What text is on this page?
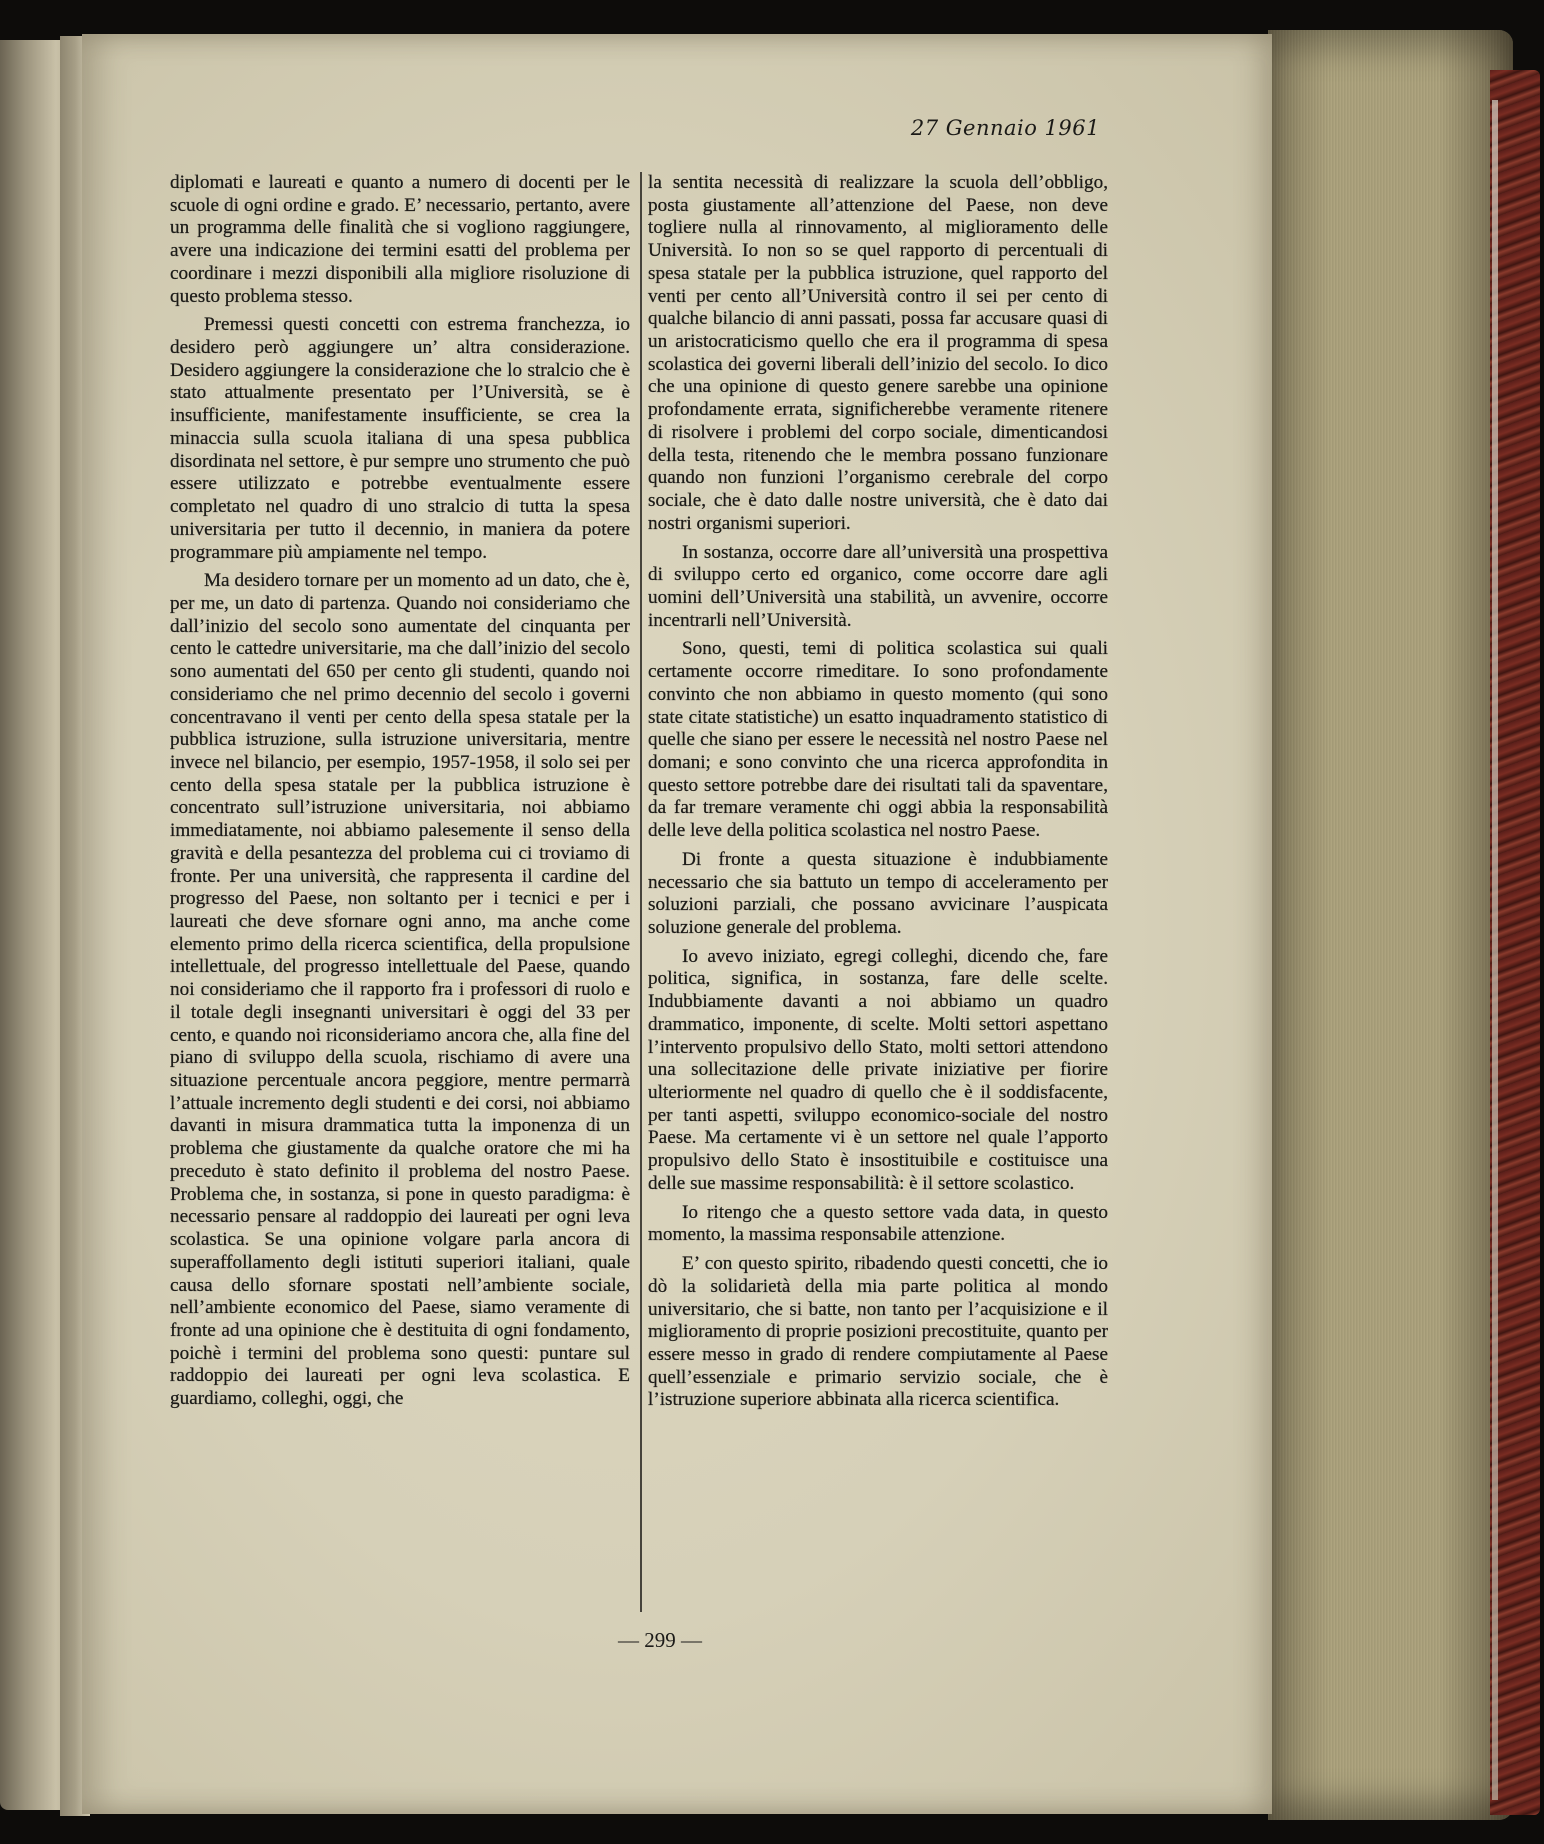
27 Gennaio 1961

diplomati e laureati e quanto a numero di docenti per le scuole di ogni ordine e grado. E’ necessario, pertanto, avere un programma delle finalità che si vogliono raggiungere, avere una indicazione dei termini esatti del problema per coordinare i mezzi disponibili alla migliore risoluzione di questo problema stesso.

Premessi questi concetti con estrema franchezza, io desidero però aggiungere un’ altra considerazione. Desidero aggiungere la considerazione che lo stralcio che è stato attualmente presentato per l’Università, se è insufficiente, manifestamente insufficiente, se crea la minaccia sulla scuola italiana di una spesa pubblica disordinata nel settore, è pur sempre uno strumento che può essere utilizzato e potrebbe eventualmente essere completato nel quadro di uno stralcio di tutta la spesa universitaria per tutto il decennio, in maniera da potere programmare più ampiamente nel tempo.

Ma desidero tornare per un momento ad un dato, che è, per me, un dato di partenza. Quando noi consideriamo che dall’inizio del secolo sono aumentate del cinquanta per cento le cattedre universitarie, ma che dall’inizio del secolo sono aumentati del 650 per cento gli studenti, quando noi consideriamo che nel primo decennio del secolo i governi concentravano il venti per cento della spesa statale per la pubblica istruzione, sulla istruzione universitaria, mentre invece nel bilancio, per esempio, 1957-1958, il solo sei per cento della spesa statale per la pubblica istruzione è concentrato sull’istruzione universitaria, noi abbiamo immediatamente, noi abbiamo palesemente il senso della gravità e della pesantezza del problema cui ci troviamo di fronte. Per una università, che rappresenta il cardine del progresso del Paese, non soltanto per i tecnici e per i laureati che deve sfornare ogni anno, ma anche come elemento primo della ricerca scientifica, della propulsione intellettuale, del progresso intellettuale del Paese, quando noi consideriamo che il rapporto fra i professori di ruolo e il totale degli insegnanti universitari è oggi del 33 per cento, e quando noi riconsideriamo ancora che, alla fine del piano di sviluppo della scuola, rischiamo di avere una situazione percentuale ancora peggiore, mentre permarrà l’attuale incremento degli studenti e dei corsi, noi abbiamo davanti in misura drammatica tutta la imponenza di un problema che giustamente da qualche oratore che mi ha preceduto è stato definito il problema del nostro Paese. Problema che, in sostanza, si pone in questo paradigma: è necessario pensare al raddoppio dei laureati per ogni leva scolastica. Se una opinione volgare parla ancora di superaffollamento degli istituti superiori italiani, quale causa dello sfornare spostati nell’ambiente sociale, nell’ambiente economico del Paese, siamo veramente di fronte ad una opinione che è destituita di ogni fondamento, poichè i termini del problema sono questi: puntare sul raddoppio dei laureati per ogni leva scolastica. E guardiamo, colleghi, oggi, che

la sentita necessità di realizzare la scuola dell’obbligo, posta giustamente all’attenzione del Paese, non deve togliere nulla al rinnovamento, al miglioramento delle Università. Io non so se quel rapporto di percentuali di spesa statale per la pubblica istruzione, quel rapporto del venti per cento all’Università contro il sei per cento di qualche bilancio di anni passati, possa far accusare quasi di un aristocraticismo quello che era il programma di spesa scolastica dei governi liberali dell’inizio del secolo. Io dico che una opinione di questo genere sarebbe una opinione profondamente errata, significherebbe veramente ritenere di risolvere i problemi del corpo sociale, dimenticandosi della testa, ritenendo che le membra possano funzionare quando non funzioni l’organismo cerebrale del corpo sociale, che è dato dalle nostre università, che è dato dai nostri organismi superiori.

In sostanza, occorre dare all’università una prospettiva di sviluppo certo ed organico, come occorre dare agli uomini dell’Università una stabilità, un avvenire, occorre incentrarli nell’Università.

Sono, questi, temi di politica scolastica sui quali certamente occorre rimeditare. Io sono profondamente convinto che non abbiamo in questo momento (qui sono state citate statistiche) un esatto inquadramento statistico di quelle che siano per essere le necessità nel nostro Paese nel domani; e sono convinto che una ricerca approfondita in questo settore potrebbe dare dei risultati tali da spaventare, da far tremare veramente chi oggi abbia la responsabilità delle leve della politica scolastica nel nostro Paese.

Di fronte a questa situazione è indubbiamente necessario che sia battuto un tempo di acceleramento per soluzioni parziali, che possano avvicinare l’auspicata soluzione generale del problema.

Io avevo iniziato, egregi colleghi, dicendo che, fare politica, significa, in sostanza, fare delle scelte. Indubbiamente davanti a noi abbiamo un quadro drammatico, imponente, di scelte. Molti settori aspettano l’intervento propulsivo dello Stato, molti settori attendono una sollecitazione delle private iniziative per fiorire ulteriormente nel quadro di quello che è il soddisfacente, per tanti aspetti, sviluppo economico-sociale del nostro Paese. Ma certamente vi è un settore nel quale l’apporto propulsivo dello Stato è insostituibile e costituisce una delle sue massime responsabilità: è il settore scolastico.

Io ritengo che a questo settore vada data, in questo momento, la massima responsabile attenzione.

E’ con questo spirito, ribadendo questi concetti, che io dò la solidarietà della mia parte politica al mondo universitario, che si batte, non tanto per l’acquisizione e il miglioramento di proprie posizioni precostituite, quanto per essere messo in grado di rendere compiutamente al Paese quell’essenziale e primario servizio sociale, che è l’istruzione superiore abbinata alla ricerca scientifica.

— 299 —
